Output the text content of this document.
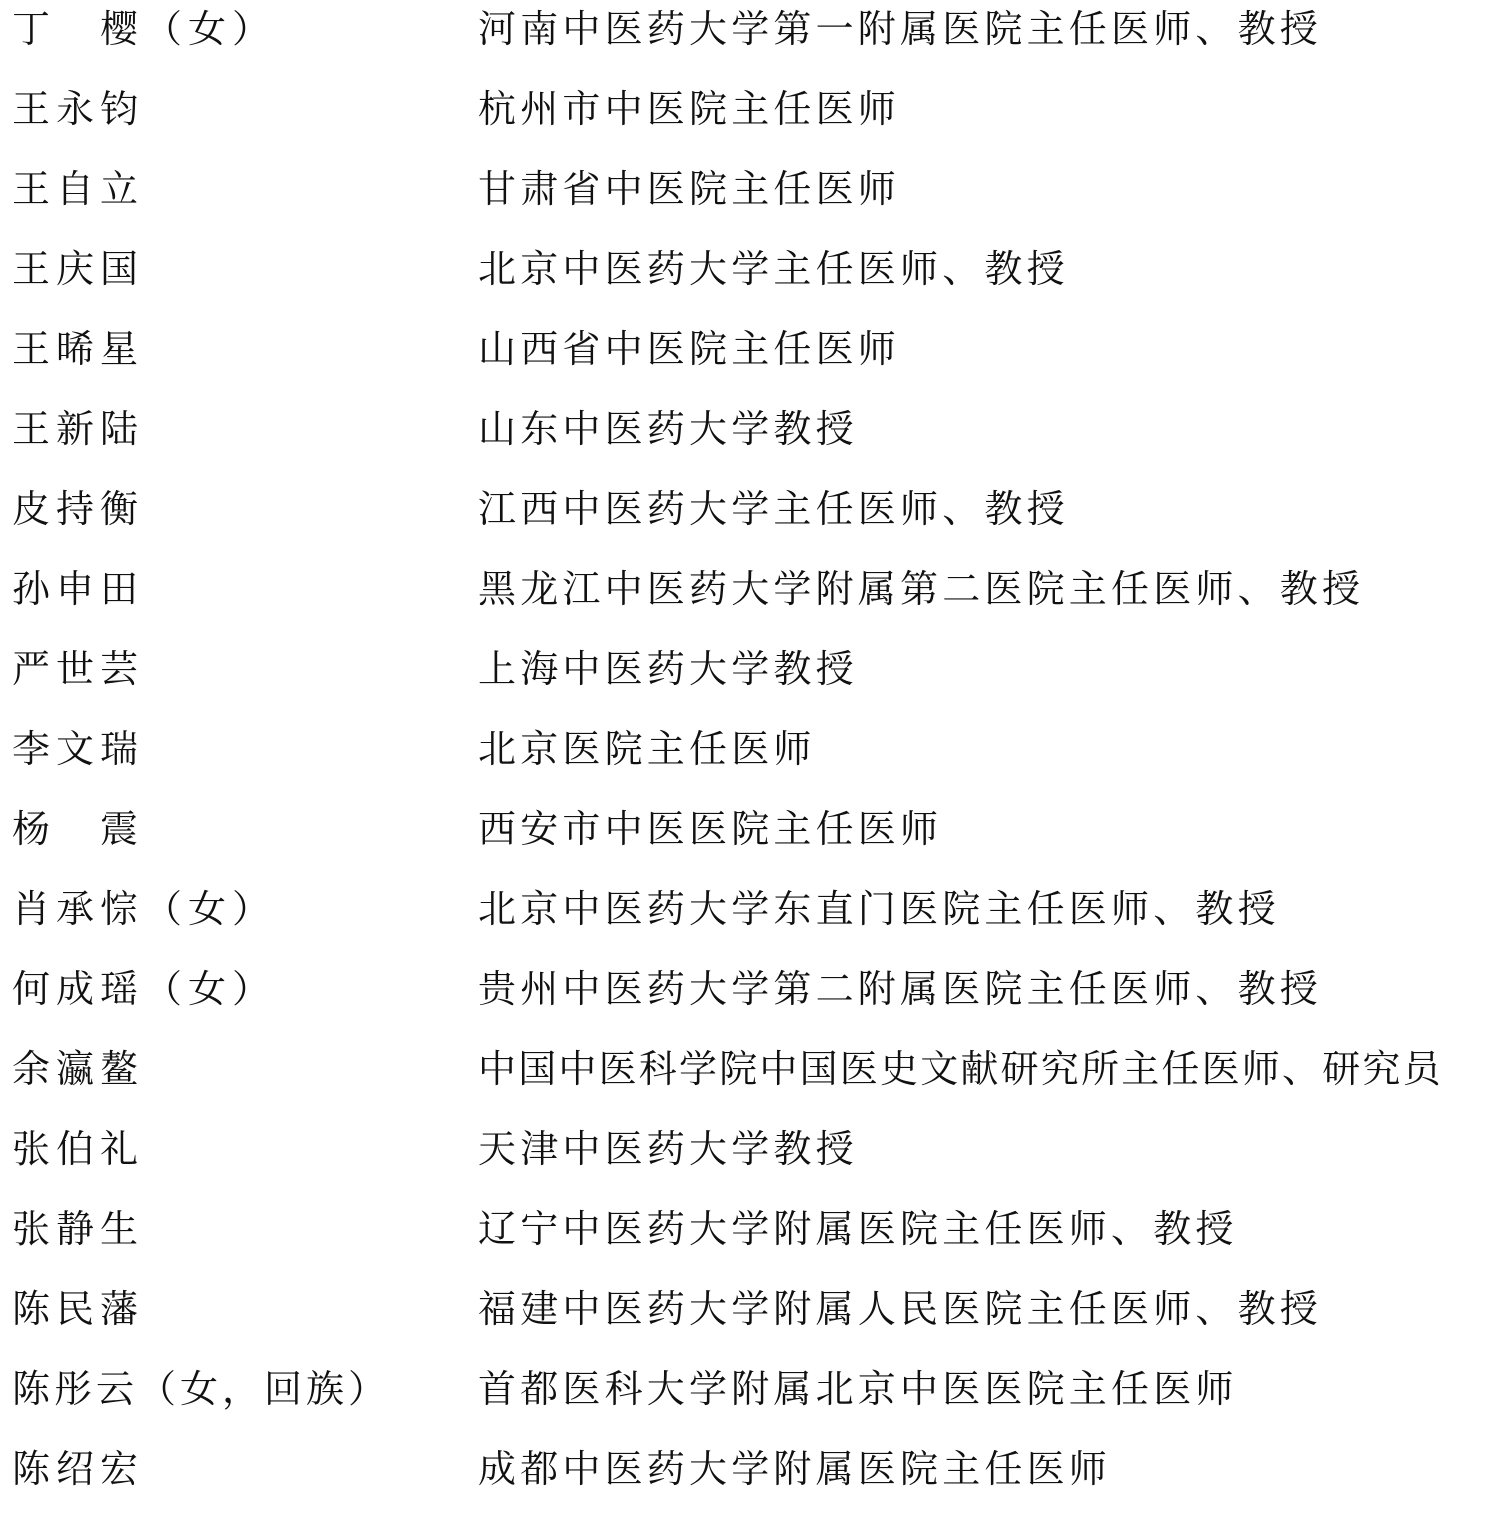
丁　樱（女）	河南中医药大学第一附属医院主任医师、教授
王永钧	杭州市中医院主任医师
王自立	甘肃省中医院主任医师
王庆国	北京中医药大学主任医师、教授
王晞星	山西省中医院主任医师
王新陆	山东中医药大学教授
皮持衡	江西中医药大学主任医师、教授
孙申田	黑龙江中医药大学附属第二医院主任医师、教授
严世芸	上海中医药大学教授
李文瑞	北京医院主任医师
杨　震	西安市中医医院主任医师
肖承悰（女）	北京中医药大学东直门医院主任医师、教授
何成瑶（女）	贵州中医药大学第二附属医院主任医师、教授
余瀛鳌	中国中医科学院中国医史文献研究所主任医师、研究员
张伯礼	天津中医药大学教授
张静生	辽宁中医药大学附属医院主任医师、教授
陈民藩	福建中医药大学附属人民医院主任医师、教授
陈彤云（女，回族） 首都医科大学附属北京中医医院主任医师
陈绍宏	成都中医药大学附属医院主任医师
